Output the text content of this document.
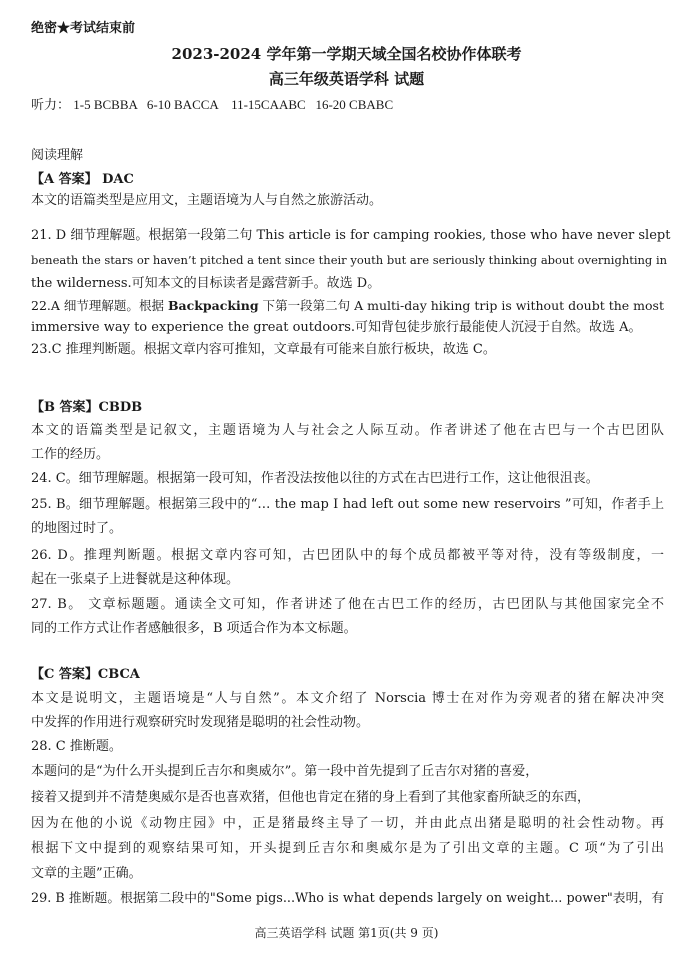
绝密★考试结束前
2023-2024 学年第一学期天域全国名校协作体联考
高三年级英语学科 试题
听力： 1-5 BCBBA   6-10 BACCA    11-15CAABC   16-20 CBABC
阅读理解
【A 答案】 DAC
本文的语篇类型是应用文，主题语境为人与自然之旅游活动。
21. D 细节理解题。根据第一段第二句 This article is for camping rookies, those who have never slept
beneath the stars or haven’t pitched a tent since their youth but are seriously thinking about overnighting in
the wilderness.可知本文的目标读者是露营新手。故选 D。
22.A 细节理解题。根据 Backpacking 下第一段第二句 A multi-day hiking trip is without doubt the most
immersive way to experience the great outdoors.可知背包徒步旅行最能使人沉浸于自然。故选 A。
23.C 推理判断题。根据文章内容可推知，文章最有可能来自旅行板块，故选 C。
【B 答案】CBDB
本文的语篇类型是记叙文，主题语境为人与社会之人际互动。作者讲述了他在古巴与一个古巴团队
工作的经历。
24. C。细节理解题。根据第一段可知，作者没法按他以往的方式在古巴进行工作，这让他很沮丧。
25. B。细节理解题。根据第三段中的“… the map I had left out some new reservoirs ”可知，作者手上
的地图过时了。
26. D。推理判断题。根据文章内容可知，古巴团队中的每个成员都被平等对待，没有等级制度，一
起在一张桌子上进餐就是这种体现。
27. B。 文章标题题。通读全文可知，作者讲述了他在古巴工作的经历，古巴团队与其他国家完全不
同的工作方式让作者感触很多，B 项适合作为本文标题。
【C 答案】CBCA
本文是说明文，主题语境是“人与自然”。本文介绍了 Norscia 博士在对作为旁观者的猪在解决冲突
中发挥的作用进行观察研究时发现猪是聪明的社会性动物。
28. C 推断题。
本题问的是“为什么开头提到丘吉尔和奥威尔”。第一段中首先提到了丘吉尔对猪的喜爱，
接着又提到并不清楚奥威尔是否也喜欢猪，但他也肯定在猪的身上看到了其他家畜所缺乏的东西，
因为在他的小说《动物庄园》中，正是猪最终主导了一切，并由此点出猪是聪明的社会性动物。再
根据下文中提到的观察结果可知，开头提到丘吉尔和奥威尔是为了引出文章的主题。C 项“为了引出
文章的主题”正确。
29. B 推断题。根据第二段中的"Some pigs...Who is what depends largely on weight... power"表明，有
高三英语学科 试题 第1页(共 9 页)
